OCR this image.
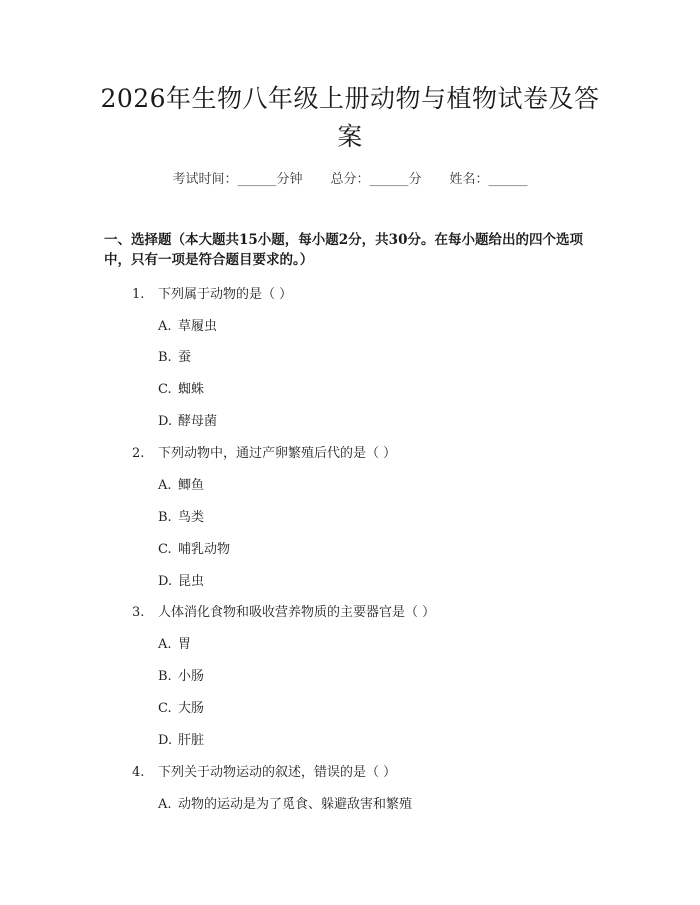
2026年生物八年级上册动物与植物试卷及答案
考试时间：______分钟 总分：______分 姓名：______
一、选择题（本大题共15小题，每小题2分，共30分。在每小题给出的四个选项中，只有一项是符合题目要求的。）
1. 下列属于动物的是（ ）
A. 草履虫
B. 蚕
C. 蜘蛛
D. 酵母菌
2. 下列动物中，通过产卵繁殖后代的是（ ）
A. 鲫鱼
B. 鸟类
C. 哺乳动物
D. 昆虫
3. 人体消化食物和吸收营养物质的主要器官是（ ）
A. 胃
B. 小肠
C. 大肠
D. 肝脏
4. 下列关于动物运动的叙述，错误的是（ ）
A. 动物的运动是为了觅食、躲避敌害和繁殖
